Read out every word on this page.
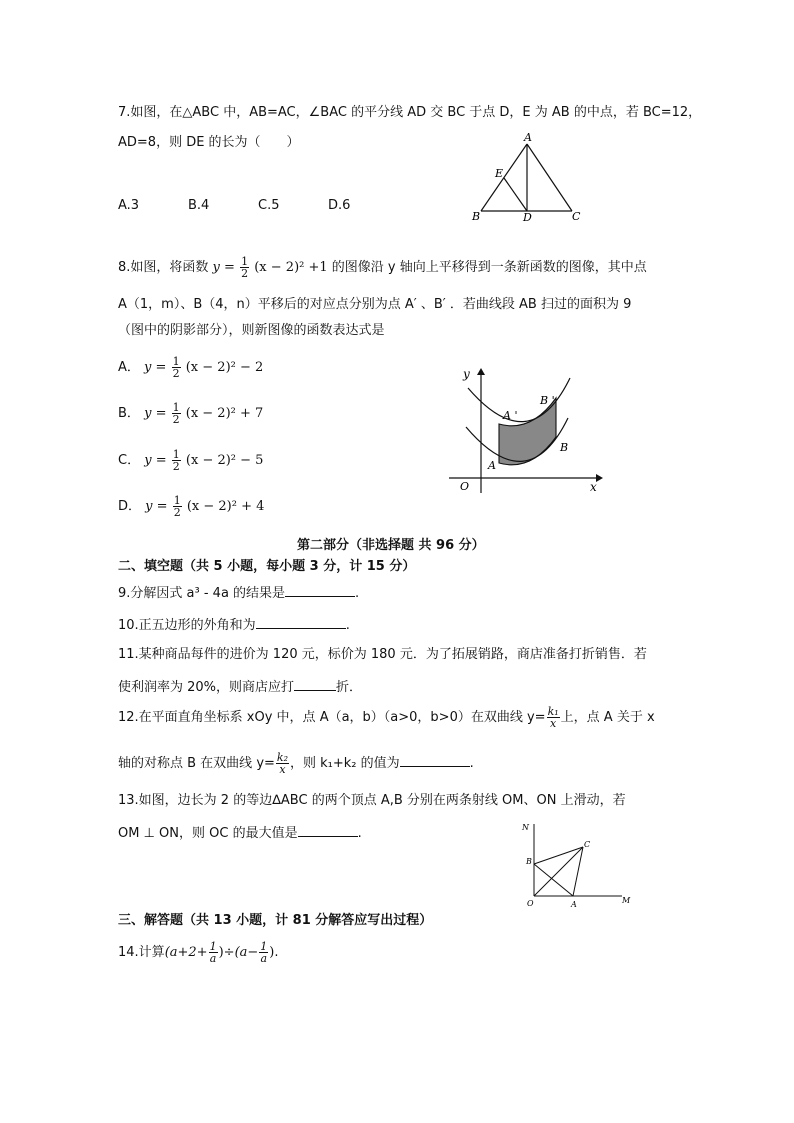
7.如图，在△ABC 中，AB=AC，∠BAC 的平分线 AD 交 BC 于点 D，E 为 AB 的中点，若 BC=12，
AD=8，则 DE 的长为（　　）
A.3	B.4	C.5	D.6
A
B	C
D
E
8.如图，将函数 $y = \frac{1}{2} (x - 2)^2 +1$ 的图像沿 y 轴向上平移得到一条新函数的图像，其中点
A（1，m）、B（4，n）平移后的对应点分别为点 A′ 、B′ ．若曲线段 AB 扫过的面积为 9
（图中的阴影部分），则新图像的函数表达式是
A． $y = \frac{1}{2} (x - 2)^2 - 2$
B． $y = \frac{1}{2} (x - 2)^2 + 7$
C． $y = \frac{1}{2} (x - 2)^2 - 5$
D． $y = \frac{1}{2} (x - 2)^2 + 4$
y
x
O
A
B
A '
B '
第二部分（非选择题 共 96 分）
二、填空题（共 5 小题，每小题 3 分，计 15 分）
9.分解因式 a³ - 4a 的结果是	.
10.正五边形的外角和为	.
11.某种商品每件的进价为 120 元，标价为 180 元．为了拓展销路，商店准备打折销售．若
使利润率为 20%，则商店应打	折．
12.在平面直角坐标系 xOy 中，点 A（a，b）（a>0，b>0）在双曲线 $y= \frac{\text{k₁}}{x}$ 上，点 A 关于 x
轴的对称点 B 在双曲线 $y= \frac{\text{k₂}}{x}$ ，则 k₁+k₂ 的值为	.
13.如图，边长为 2 的等边∆ABC 的两个顶点 A,B 分别在两条射线 OM、ON 上滑动，若
OM ⊥ ON，则 OC 的最大值是	.	N
M
O	A
B
C
三、解答题（共 13 小题，计 81 分解答应写出过程）
14.计算$(a+2+ \frac{1}{a} )\div(a- \frac{1}{a}$ ).
